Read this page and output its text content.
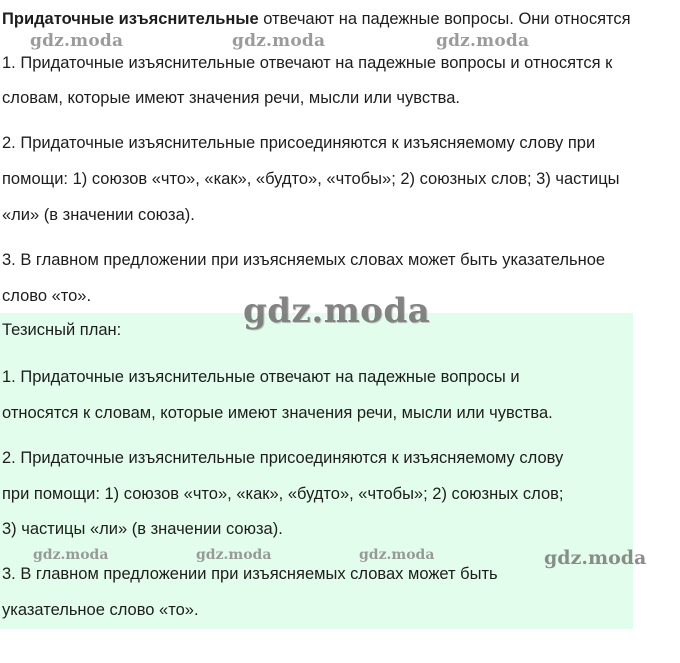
Придаточные изъяснительные отвечают на падежные вопросы. Они относятся
1. Придаточные изъяснительные отвечают на падежные вопросы и относятся к
словам, которые имеют значения речи, мысли или чувства.
2. Придаточные изъяснительные присоединяются к изъясняемому слову при
помощи: 1) союзов «что», «как», «будто», «чтобы»; 2) союзных слов; 3) частицы
«ли» (в значении союза).
3. В главном предложении при изъясняемых словах может быть указательное
слово «то».
Тезисный план:
1. Придаточные изъяснительные отвечают на падежные вопросы и
относятся к словам, которые имеют значения речи, мысли или чувства.
2. Придаточные изъяснительные присоединяются к изъясняемому слову
при помощи: 1) союзов «что», «как», «будто», «чтобы»; 2) союзных слов;
3) частицы «ли» (в значении союза).
3. В главном предложении при изъясняемых словах может быть
указательное слово «то».
gdz.moda	gdz.moda	gdz.moda
gdz.moda
gdz.moda	gdz.moda	gdz.moda	gdz.moda
